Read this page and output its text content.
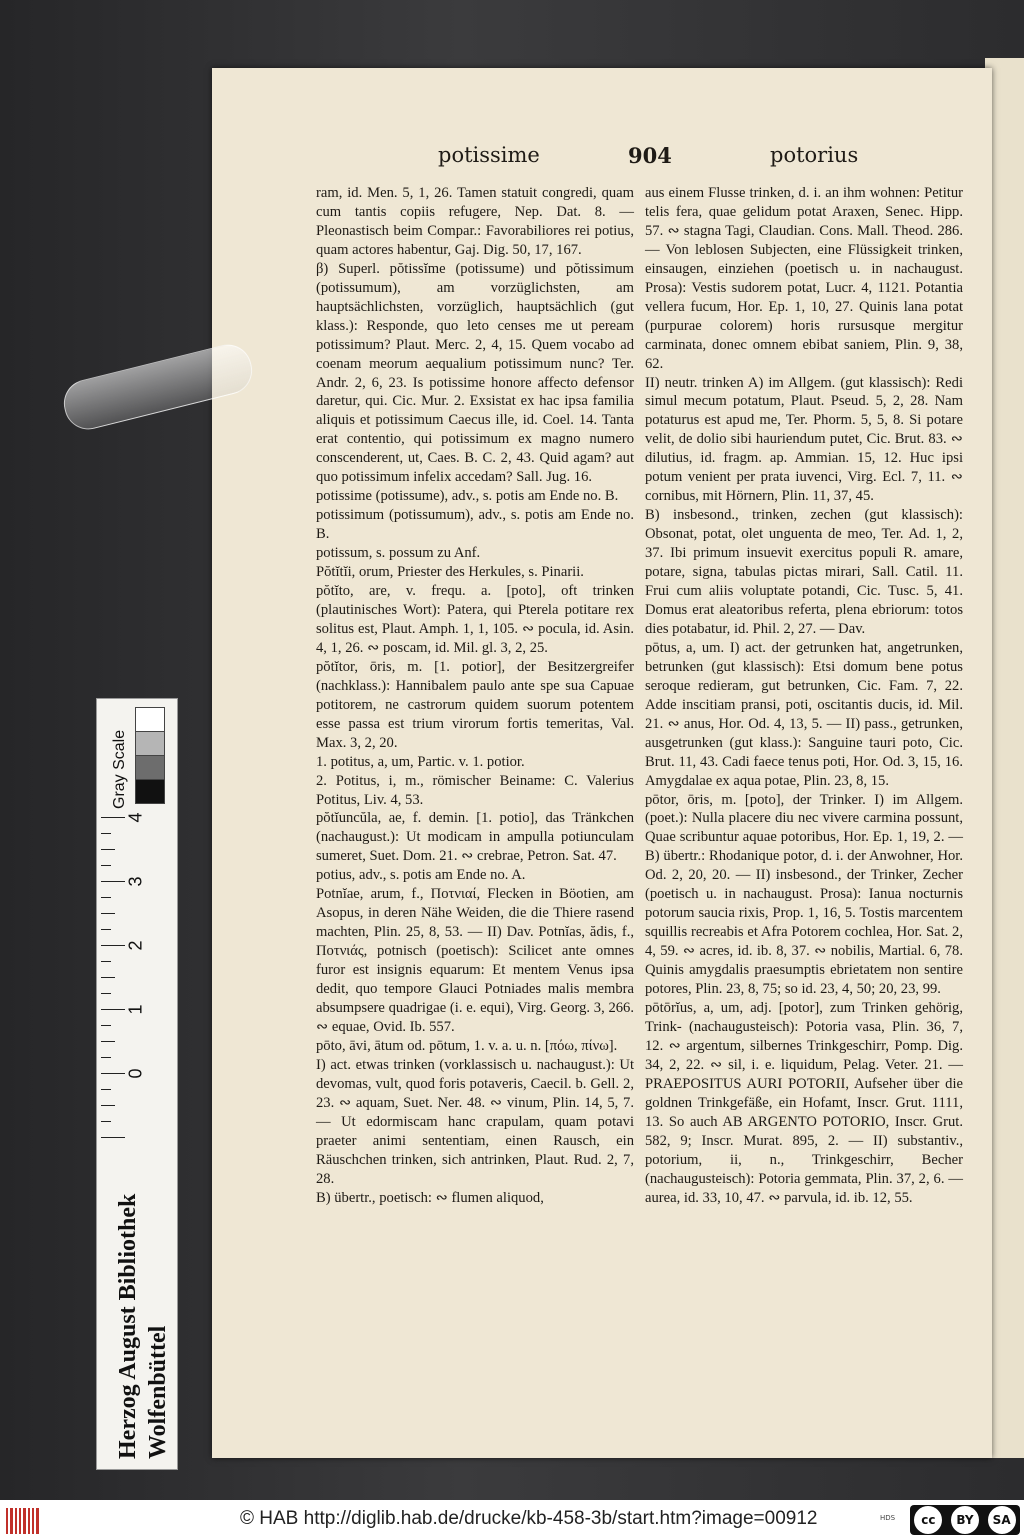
potissime	904	potorius

ram, id. Men. 5, 1, 26. Tamen statuit congredi, quam cum tantis copiis refugere, Nep. Dat. 8. — Pleonastisch beim Compar.: Favorabiliores rei potius, quam actores habentur, Gaj. Dig. 50, 17, 167.

β) Superl. pŏtissĭme (potissume) und pŏtissimum (potissumum), am vorzüglichsten, am hauptsächlichsten, vorzüglich, hauptsächlich (gut klass.): Responde, quo leto censes me ut peream potissimum? Plaut. Merc. 2, 4, 15. Quem vocabo ad coenam meorum aequalium potissimum nunc? Ter. Andr. 2, 6, 23. Is potissime honore affecto defensor daretur, qui. Cic. Mur. 2. Exsistat ex hac ipsa familia aliquis et potissimum Caecus ille, id. Coel. 14. Tanta erat contentio, qui potissimum ex magno numero conscenderent, ut, Caes. B. C. 2, 43. Quid agam? aut quo potissimum infelix accedam? Sall. Jug. 16.

potissime (potissume), adv., s. potis am Ende no. B.

potissimum (potissumum), adv., s. potis am Ende no. B.

potissum, s. possum zu Anf.

Pŏtĭtĭi, orum, Priester des Herkules, s. Pinarii.

pŏtĭto, are, v. frequ. a. [poto], oft trinken (plautinisches Wort): Patera, qui Pterela potitare rex solitus est, Plaut. Amph. 1, 1, 105. ∾ pocula, id. Asin. 4, 1, 26. ∾ poscam, id. Mil. gl. 3, 2, 25.

pŏtĭtor, ōris, m. [1. potior], der Besitzergreifer (nachklass.): Hannibalem paulo ante spe sua Capuae potitorem, ne castrorum quidem suorum potentem esse passa est trium virorum fortis temeritas, Val. Max. 3, 2, 20.

1. potitus, a, um, Partic. v. 1. potior.

2. Potitus, i, m., römischer Beiname: C. Valerius Potitus, Liv. 4, 53.

pŏtĭuncŭla, ae, f. demin. [1. potio], das Tränkchen (nachaugust.): Ut modicam in ampulla potiunculam sumeret, Suet. Dom. 21. ∾ crebrae, Petron. Sat. 47.

potius, adv., s. potis am Ende no. A.

Potnĭae, arum, f., Ποτνιαί, Flecken in Böotien, am Asopus, in deren Nähe Weiden, die die Thiere rasend machten, Plin. 25, 8, 53. — II) Dav. Potnĭas, ădis, f., Ποτνιάς, potnisch (poetisch): Scilicet ante omnes furor est insignis equarum: Et mentem Venus ipsa dedit, quo tempore Glauci Potniades malis membra absumpsere quadrigae (i. e. equi), Virg. Georg. 3, 266. ∾ equae, Ovid. Ib. 557.

pōto, āvi, ātum od. pōtum, 1. v. a. u. n. [πόω, πίνω].

I) act. etwas trinken (vorklassisch u. nachaugust.): Ut devomas, vult, quod foris potaveris, Caecil. b. Gell. 2, 23. ∾ aquam, Suet. Ner. 48. ∾ vinum, Plin. 14, 5, 7. — Ut edormiscam hanc crapulam, quam potavi praeter animi sententiam, einen Rausch, ein Räuschchen trinken, sich antrinken, Plaut. Rud. 2, 7, 28.

B) übertr., poetisch: ∾ flumen aliquod,

aus einem Flusse trinken, d. i. an ihm wohnen: Petitur telis fera, quae gelidum potat Araxen, Senec. Hipp. 57. ∾ stagna Tagi, Claudian. Cons. Mall. Theod. 286. — Von leblosen Subjecten, eine Flüssigkeit trinken, einsaugen, einziehen (poetisch u. in nachaugust. Prosa): Vestis sudorem potat, Lucr. 4, 1121. Potantia vellera fucum, Hor. Ep. 1, 10, 27. Quinis lana potat (purpurae colorem) horis rursusque mergitur carminata, donec omnem ebibat saniem, Plin. 9, 38, 62.

II) neutr. trinken A) im Allgem. (gut klassisch): Redi simul mecum potatum, Plaut. Pseud. 5, 2, 28. Nam potaturus est apud me, Ter. Phorm. 5, 5, 8. Si potare velit, de dolio sibi hauriendum putet, Cic. Brut. 83. ∾ dilutius, id. fragm. ap. Ammian. 15, 12. Huc ipsi potum venient per prata iuvenci, Virg. Ecl. 7, 11. ∾ cornibus, mit Hörnern, Plin. 11, 37, 45.

B) insbesond., trinken, zechen (gut klassisch): Obsonat, potat, olet unguenta de meo, Ter. Ad. 1, 2, 37. Ibi primum insuevit exercitus populi R. amare, potare, signa, tabulas pictas mirari, Sall. Catil. 11. Frui cum aliis voluptate potandi, Cic. Tusc. 5, 41. Domus erat aleatoribus referta, plena ebriorum: totos dies potabatur, id. Phil. 2, 27. — Dav.

pōtus, a, um. I) act. der getrunken hat, angetrunken, betrunken (gut klassisch): Etsi domum bene potus seroque redieram, gut betrunken, Cic. Fam. 7, 22. Adde inscitiam pransi, poti, oscitantis ducis, id. Mil. 21. ∾ anus, Hor. Od. 4, 13, 5. — II) pass., getrunken, ausgetrunken (gut klass.): Sanguine tauri poto, Cic. Brut. 11, 43. Cadi faece tenus poti, Hor. Od. 3, 15, 16. Amygdalae ex aqua potae, Plin. 23, 8, 15.

pōtor, ōris, m. [poto], der Trinker. I) im Allgem. (poet.): Nulla placere diu nec vivere carmina possunt, Quae scribuntur aquae potoribus, Hor. Ep. 1, 19, 2. — B) übertr.: Rhodanique potor, d. i. der Anwohner, Hor. Od. 2, 20, 20. — II) insbesond., der Trinker, Zecher (poetisch u. in nachaugust. Prosa): Ianua nocturnis potorum saucia rixis, Prop. 1, 16, 5. Tostis marcentem squillis recreabis et Afra Potorem cochlea, Hor. Sat. 2, 4, 59. ∾ acres, id. ib. 8, 37. ∾ nobilis, Martial. 6, 78. Quinis amygdalis praesumptis ebrietatem non sentire potores, Plin. 23, 8, 75; so id. 23, 4, 50; 20, 23, 99.

pōtōrĭus, a, um, adj. [potor], zum Trinken gehörig, Trink- (nachaugusteisch): Potoria vasa, Plin. 36, 7, 12. ∾ argentum, silbernes Trinkgeschirr, Pomp. Dig. 34, 2, 22. ∾ sil, i. e. liquidum, Pelag. Veter. 21. — PRAEPOSITUS AURI POTORII, Aufseher über die goldnen Trinkgefäße, ein Hofamt, Inscr. Grut. 1111, 13. So auch AB ARGENTO POTORIO, Inscr. Grut. 582, 9; Inscr. Murat. 895, 2. — II) substantiv., potorium, ii, n., Trinkgeschirr, Becher (nachaugusteisch): Potoria gemmata, Plin. 37, 2, 6. — aurea, id. 33, 10, 47. ∾ parvula, id. ib. 12, 55.

Gray Scale
4
3
2
1
0
Herzog August Bibliothek Wolfenbüttel
© HAB http://diglib.hab.de/drucke/kb-458-3b/start.htm?image=00912	HDS	cc	BY	SA
